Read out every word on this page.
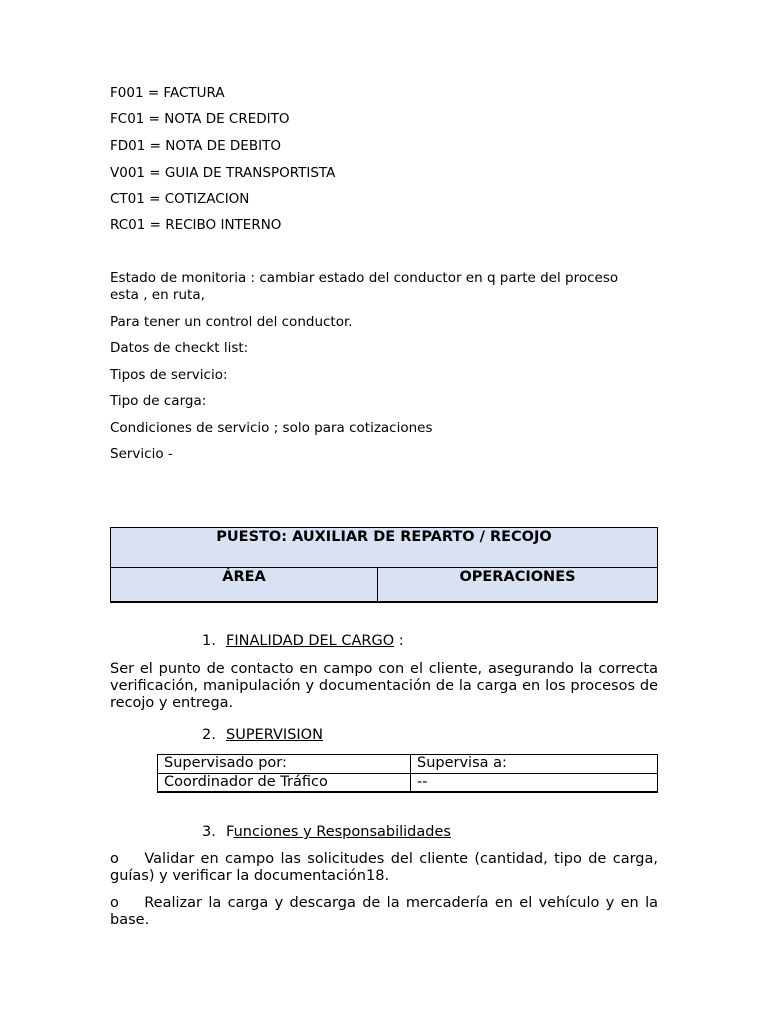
F001 = FACTURA
FC01 = NOTA DE CREDITO
FD01 = NOTA DE DEBITO
V001 = GUIA DE TRANSPORTISTA
CT01 = COTIZACION
RC01 = RECIBO INTERNO
Estado de monitoria : cambiar estado del conductor en q parte del proceso esta , en ruta,
Para tener un control del conductor.
Datos de checkt list:
Tipos de servicio:
Tipo de carga:
Condiciones de servicio ; solo para cotizaciones
Servicio -
PUESTO: AUXILIAR DE REPARTO / RECOJO
ÁREA	OPERACIONES
1. FINALIDAD DEL CARGO :
Ser el punto de contacto en campo con el cliente, asegurando la correcta verificación, manipulación y documentación de la carga en los procesos de recojo y entrega.
2. SUPERVISION
Supervisado por:	Supervisa a:
Coordinador de Tráfico	--
3. Funciones y Responsabilidades
o    Validar en campo las solicitudes del cliente (cantidad, tipo de carga, guías) y verificar la documentación18.
o    Realizar la carga y descarga de la mercadería en el vehículo y en la base.
